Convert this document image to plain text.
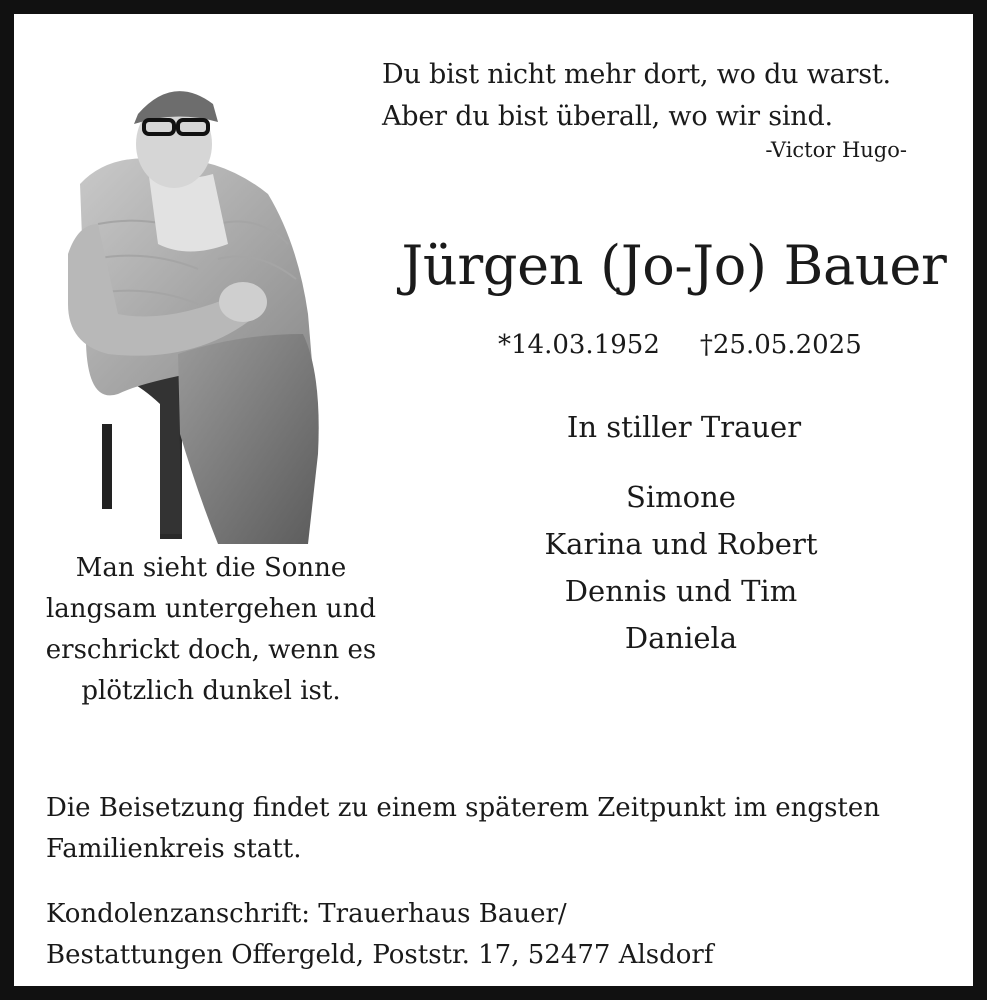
Du bist nicht mehr dort, wo du warst.
Aber du bist überall, wo wir sind.
-Victor Hugo-
Jürgen (Jo-Jo) Bauer
*14.03.1952 †25.05.2025
In stiller Trauer
Simone
Karina und Robert
Dennis und Tim
Daniela
Man sieht die Sonne
langsam untergehen und
erschrickt doch, wenn es
plötzlich dunkel ist.
Die Beisetzung findet zu einem späterem Zeitpunkt im engsten
Familienkreis statt.
Kondolenzanschrift: Trauerhaus Bauer/
Bestattungen Offergeld, Poststr. 17, 52477 Alsdorf
